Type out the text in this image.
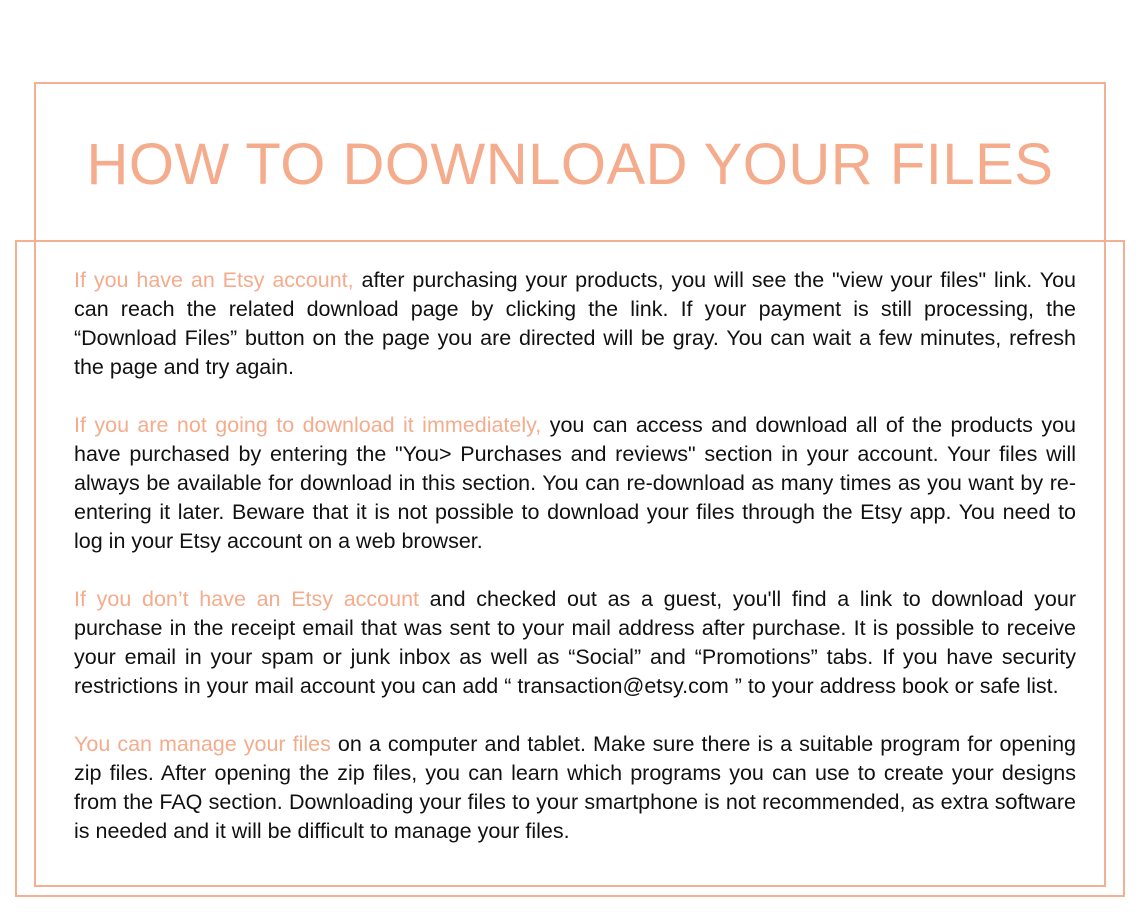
HOW TO DOWNLOAD YOUR FILES

If you have an Etsy account, after purchasing your products, you will see the "view your files" link. You can reach the related download page by clicking the link. If your payment is still processing, the “Download Files” button on the page you are directed will be gray. You can wait a few minutes, refresh the page and try again.

If you are not going to download it immediately, you can access and download all of the products you have purchased by entering the "You> Purchases and reviews" section in your account. Your files will always be available for download in this section. You can re-download as many times as you want by re-entering it later. Beware that it is not possible to download your files through the Etsy app. You need to log in your Etsy account on a web browser.

If you don’t have an Etsy account and checked out as a guest, you'll find a link to download your purchase in the receipt email that was sent to your mail address after purchase. It is possible to receive your email in your spam or junk inbox as well as “Social” and “Promotions” tabs. If you have security restrictions in your mail account you can add “ transaction@etsy.com ” to your address book or safe list.

You can manage your files on a computer and tablet. Make sure there is a suitable program for opening zip files. After opening the zip files, you can learn which programs you can use to create your designs from the FAQ section. Downloading your files to your smartphone is not recommended, as extra software is needed and it will be difficult to manage your files.
